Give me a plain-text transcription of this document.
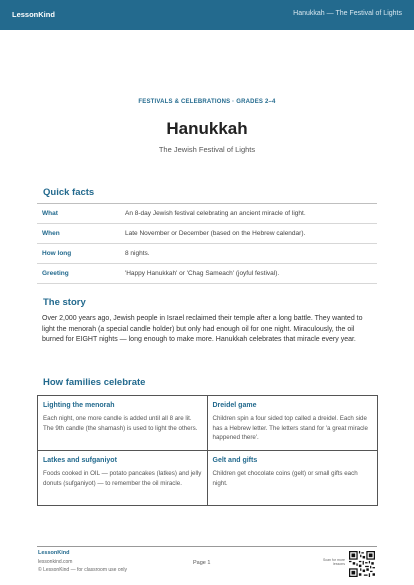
LessonKind	Hanukkah — The Festival of Lights
FESTIVALS & CELEBRATIONS · GRADES 2–4
Hanukkah
The Jewish Festival of Lights
Quick facts
What	An 8-day Jewish festival celebrating an ancient miracle of light.
When	Late November or December (based on the Hebrew calendar).
How long	8 nights.
Greeting	'Happy Hanukkah' or 'Chag Sameach' (joyful festival).
The story
Over 2,000 years ago, Jewish people in Israel reclaimed their temple after a long battle. They wanted to light the menorah (a special candle holder) but only had enough oil for one night. Miraculously, the oil burned for EIGHT nights — long enough to make more. Hanukkah celebrates that miracle every year.
How families celebrate
Lighting the menorah
Each night, one more candle is added until all 8 are lit. The 9th candle (the shamash) is used to light the others.
Dreidel game
Children spin a four sided top called a dreidel. Each side has a Hebrew letter. The letters stand for 'a great miracle happened there'.
Latkes and sufganiyot
Foods cooked in OIL — potato pancakes (latkes) and jelly donuts (sufganiyot) — to remember the oil miracle.
Gelt and gifts
Children get chocolate coins (gelt) or small gifts each night.
LessonKind
lessonkind.com
© LessonKind — for classroom use only
Page 1	Scan for more lessons
